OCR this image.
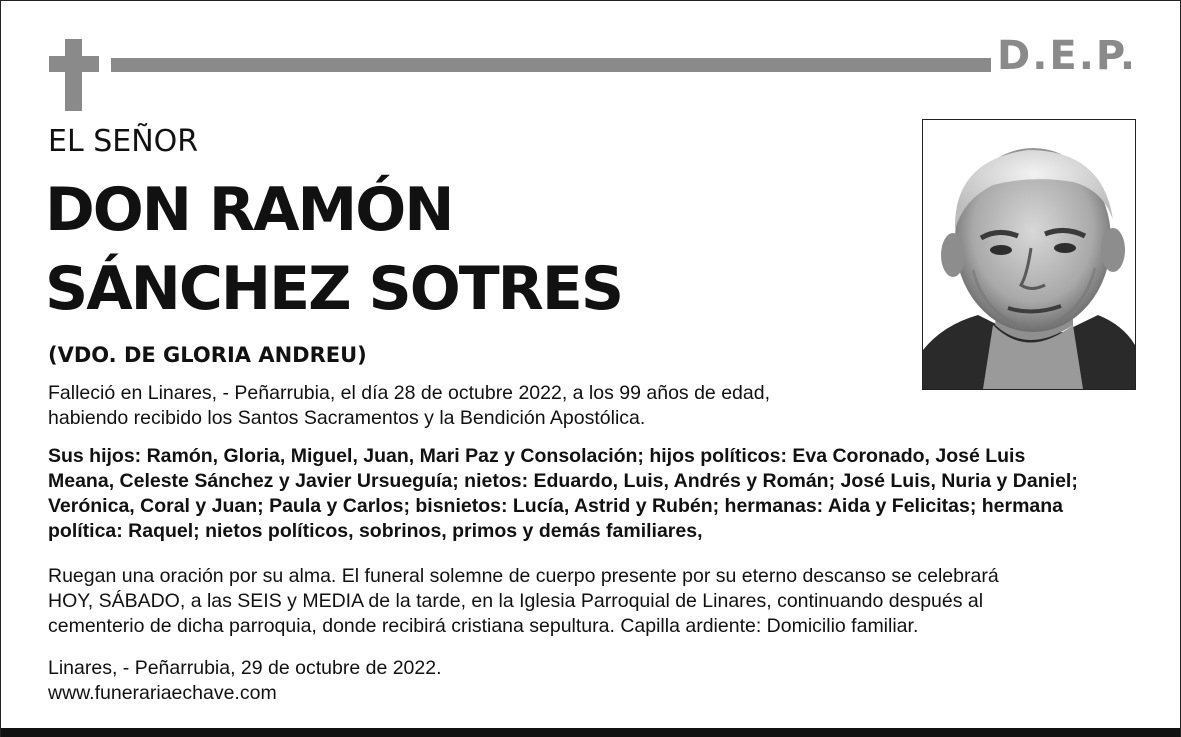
D.E.P.
EL SEÑOR
DON RAMÓN
SÁNCHEZ SOTRES
(VDO. DE GLORIA ANDREU)
Falleció en Linares, - Peñarrubia, el día 28 de octubre 2022, a los 99 años de edad,
habiendo recibido los Santos Sacramentos y la Bendición Apostólica.
Sus hijos: Ramón, Gloria, Miguel, Juan, Mari Paz y Consolación; hijos políticos: Eva Coronado, José Luis
Meana, Celeste Sánchez y Javier Ursueguía; nietos: Eduardo, Luis, Andrés y Román; José Luis, Nuria y Daniel;
Verónica, Coral y Juan; Paula y Carlos; bisnietos: Lucía, Astrid y Rubén; hermanas: Aida y Felicitas; hermana
política: Raquel; nietos políticos, sobrinos, primos y demás familiares,
Ruegan una oración por su alma. El funeral solemne de cuerpo presente por su eterno descanso se celebrará
HOY, SÁBADO, a las SEIS y MEDIA de la tarde, en la Iglesia Parroquial de Linares, continuando después al
cementerio de dicha parroquia, donde recibirá cristiana sepultura. Capilla ardiente: Domicilio familiar.
Linares, - Peñarrubia, 29 de octubre de 2022.
www.funerariaechave.com
